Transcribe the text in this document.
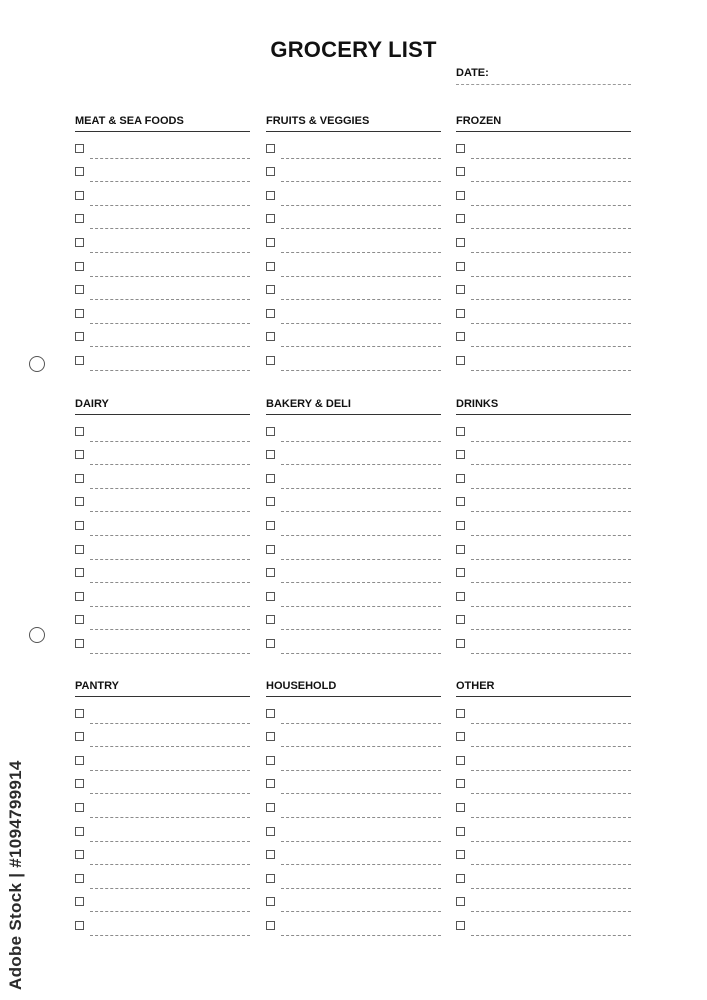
GROCERY LIST
DATE:
MEAT & SEA FOODS	FRUITS & VEGGIES	FROZEN
DAIRY	BAKERY & DELI	DRINKS
PANTRY	HOUSEHOLD	OTHER
Adobe Stock | #1094799914
